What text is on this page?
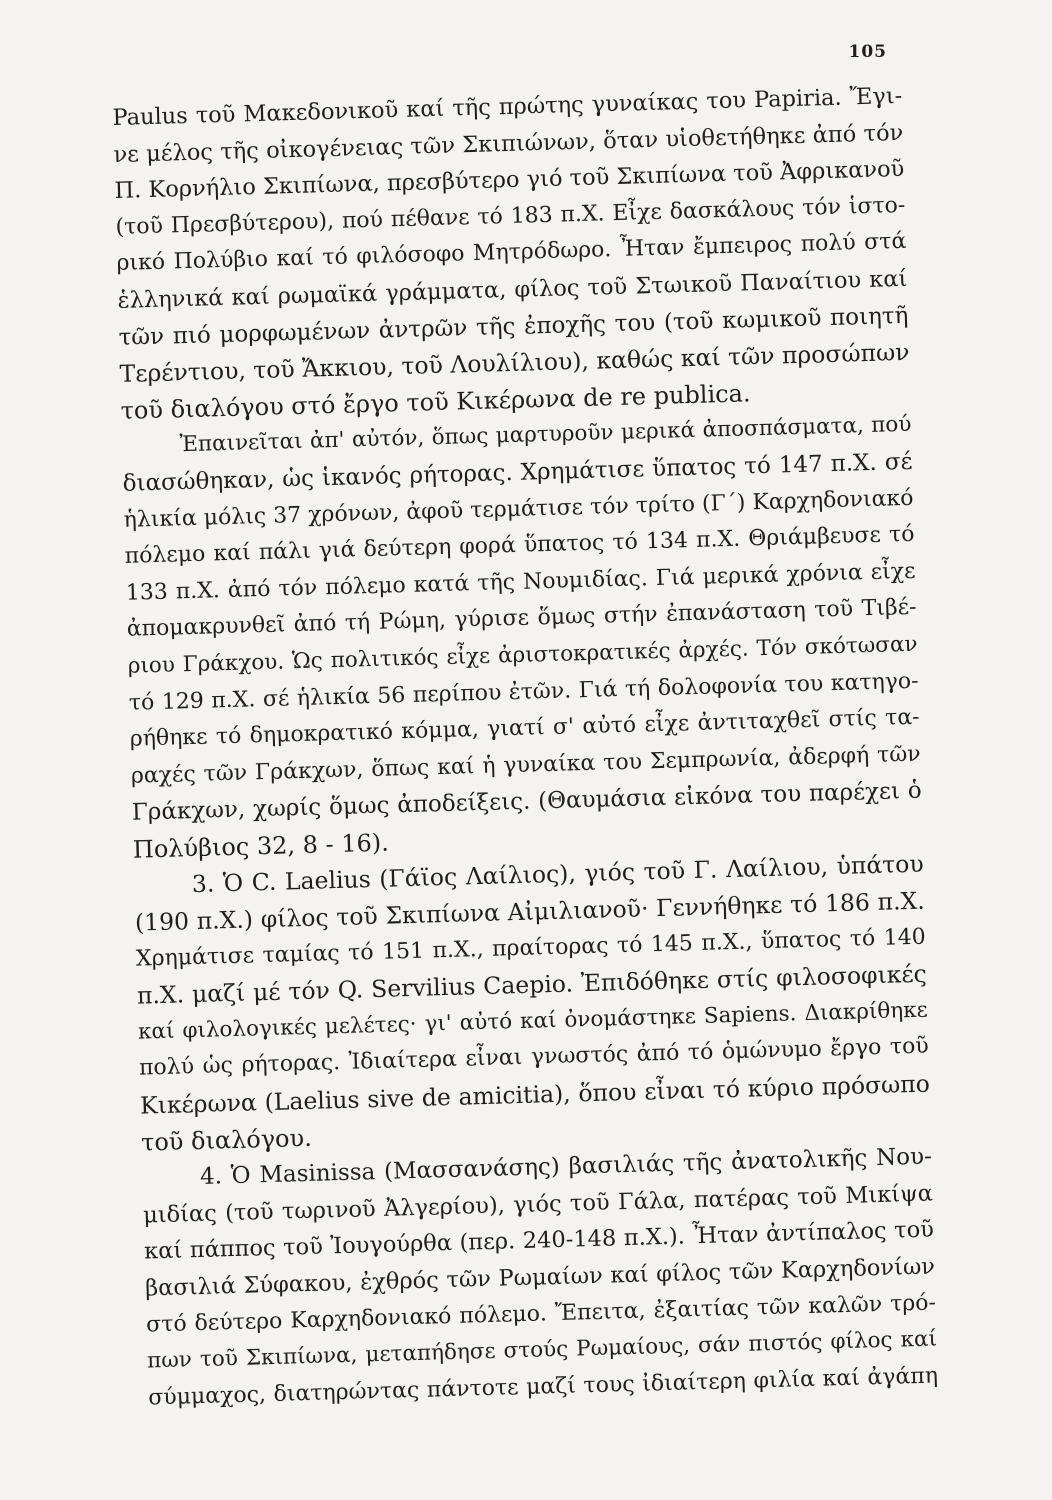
105
Paulus τοῦ Μακεδονικοῦ καί τῆς πρώτης γυναίκας του Papiria. Ἔγι-
νε μέλος τῆς οἰκογένειας τῶν Σκιπιώνων, ὅταν υἱοθετήθηκε ἀπό τόν
Π. Κορνήλιο Σκιπίωνα, πρεσβύτερο γιό τοῦ Σκιπίωνα τοῦ Ἀφρικανοῦ
(τοῦ Πρεσβύτερου), πού πέθανε τό 183 π.Χ. Εἶχε δασκάλους τόν ἱστο-
ρικό Πολύβιο καί τό φιλόσοφο Μητρόδωρο. Ἦταν ἔμπειρος πολύ στά
ἑλληνικά καί ρωμαϊκά γράμματα, φίλος τοῦ Στωικοῦ Παναίτιου καί
τῶν πιό μορφωμένων ἀντρῶν τῆς ἐποχῆς του (τοῦ κωμικοῦ ποιητῆ
Τερέντιου, τοῦ Ἄκκιου, τοῦ Λουλίλιου), καθώς καί τῶν προσώπων
τοῦ διαλόγου στό ἔργο τοῦ Κικέρωνα de re publica.
Ἐπαινεῖται ἀπ' αὐτόν, ὅπως μαρτυροῦν μερικά ἀποσπάσματα, πού
διασώθηκαν, ὡς ἱκανός ρήτορας. Χρημάτισε ὕπατος τό 147 π.Χ. σέ
ἡλικία μόλις 37 χρόνων, ἀφοῦ τερμάτισε τόν τρίτο (Γ΄) Καρχηδονιακό
πόλεμο καί πάλι γιά δεύτερη φορά ὕπατος τό 134 π.Χ. Θριάμβευσε τό
133 π.Χ. ἀπό τόν πόλεμο κατά τῆς Νουμιδίας. Γιά μερικά χρόνια εἶχε
ἀπομακρυνθεῖ ἀπό τή Ρώμη, γύρισε ὅμως στήν ἐπανάσταση τοῦ Τιβέ-
ριου Γράκχου. Ὡς πολιτικός εἶχε ἀριστοκρατικές ἀρχές. Τόν σκότωσαν
τό 129 π.Χ. σέ ἡλικία 56 περίπου ἐτῶν. Γιά τή δολοφονία του κατηγο-
ρήθηκε τό δημοκρατικό κόμμα, γιατί σ' αὐτό εἶχε ἀντιταχθεῖ στίς τα-
ραχές τῶν Γράκχων, ὅπως καί ἡ γυναίκα του Σεμπρωνία, ἀδερφή τῶν
Γράκχων, χωρίς ὅμως ἀποδείξεις. (Θαυμάσια εἰκόνα του παρέχει ὁ
Πολύβιος 32, 8 - 16).
3. Ὁ C. Laelius (Γάϊος Λαίλιος), γιός τοῦ Γ. Λαίλιου, ὑπάτου
(190 π.Χ.) φίλος τοῦ Σκιπίωνα Αἰμιλιανοῦ· Γεννήθηκε τό 186 π.Χ.
Χρημάτισε ταμίας τό 151 π.Χ., πραίτορας τό 145 π.Χ., ὕπατος τό 140
π.Χ. μαζί μέ τόν Q. Servilius Caepio. Ἐπιδόθηκε στίς φιλοσοφικές
καί φιλολογικές μελέτες· γι' αὐτό καί ὀνομάστηκε Sapiens. Διακρίθηκε
πολύ ὡς ρήτορας. Ἰδιαίτερα εἶναι γνωστός ἀπό τό ὁμώνυμο ἔργο τοῦ
Κικέρωνα (Laelius sive de amicitia), ὅπου εἶναι τό κύριο πρόσωπο
τοῦ διαλόγου.
4. Ὁ Masinissa (Μασσανάσης) βασιλιάς τῆς ἀνατολικῆς Νου-
μιδίας (τοῦ τωρινοῦ Ἀλγερίου), γιός τοῦ Γάλα, πατέρας τοῦ Μικίψα
καί πάππος τοῦ Ἰουγούρθα (περ. 240-148 π.Χ.). Ἦταν ἀντίπαλος τοῦ
βασιλιά Σύφακου, ἐχθρός τῶν Ρωμαίων καί φίλος τῶν Καρχηδονίων
στό δεύτερο Καρχηδονιακό πόλεμο. Ἔπειτα, ἐξαιτίας τῶν καλῶν τρό-
πων τοῦ Σκιπίωνα, μεταπήδησε στούς Ρωμαίους, σάν πιστός φίλος καί
σύμμαχος, διατηρώντας πάντοτε μαζί τους ἰδιαίτερη φιλία καί ἀγάπη
